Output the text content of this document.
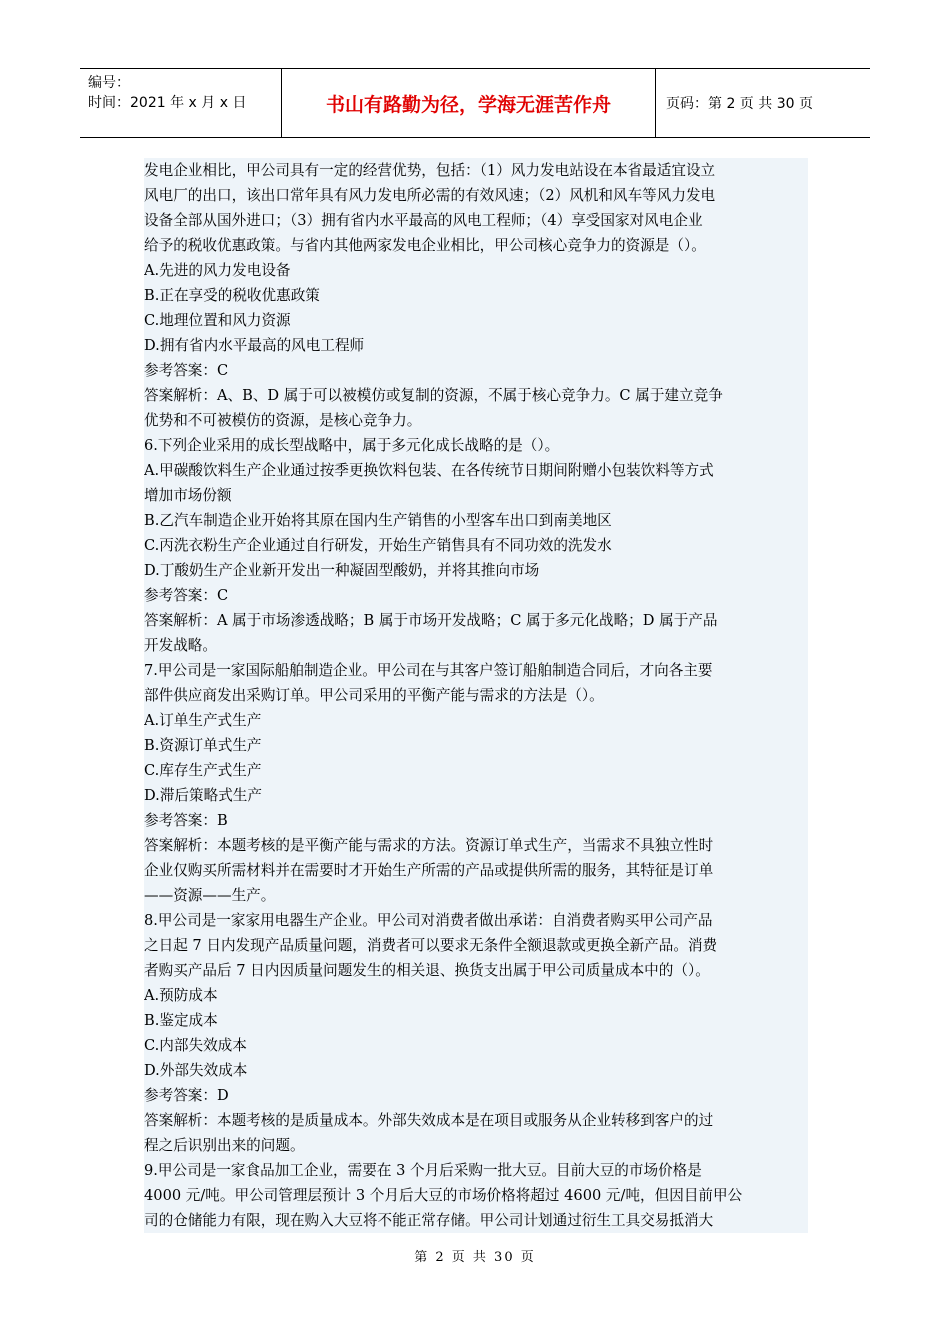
编号：
时间：2021 年 x 月 x 日	书山有路勤为径，学海无涯苦作舟	页码：第 2 页 共 30 页
发电企业相比，甲公司具有一定的经营优势，包括：（1）风力发电站设在本省最适宜设立
风电厂的出口，该出口常年具有风力发电所必需的有效风速；（2）风机和风车等风力发电
设备全部从国外进口；（3）拥有省内水平最高的风电工程师；（4）享受国家对风电企业
给予的税收优惠政策。与省内其他两家发电企业相比，甲公司核心竞争力的资源是（）。
A.先进的风力发电设备
B.正在享受的税收优惠政策
C.地理位置和风力资源
D.拥有省内水平最高的风电工程师
参考答案：C
答案解析：A、B、D 属于可以被模仿或复制的资源，不属于核心竞争力。C 属于建立竞争
优势和不可被模仿的资源，是核心竞争力。
6.下列企业采用的成长型战略中，属于多元化成长战略的是（）。
A.甲碳酸饮料生产企业通过按季更换饮料包装、在各传统节日期间附赠小包装饮料等方式
增加市场份额
B.乙汽车制造企业开始将其原在国内生产销售的小型客车出口到南美地区
C.丙洗衣粉生产企业通过自行研发，开始生产销售具有不同功效的洗发水
D.丁酸奶生产企业新开发出一种凝固型酸奶，并将其推向市场
参考答案：C
答案解析：A 属于市场渗透战略；B 属于市场开发战略；C 属于多元化战略；D 属于产品
开发战略。
7.甲公司是一家国际船舶制造企业。甲公司在与其客户签订船舶制造合同后，才向各主要
部件供应商发出采购订单。甲公司采用的平衡产能与需求的方法是（）。
A.订单生产式生产
B.资源订单式生产
C.库存生产式生产
D.滞后策略式生产
参考答案：B
答案解析：本题考核的是平衡产能与需求的方法。资源订单式生产，当需求不具独立性时
企业仅购买所需材料并在需要时才开始生产所需的产品或提供所需的服务，其特征是订单
——资源——生产。
8.甲公司是一家家用电器生产企业。甲公司对消费者做出承诺：自消费者购买甲公司产品
之日起 7 日内发现产品质量问题，消费者可以要求无条件全额退款或更换全新产品。消费
者购买产品后 7 日内因质量问题发生的相关退、换货支出属于甲公司质量成本中的（）。
A.预防成本
B.鉴定成本
C.内部失效成本
D.外部失效成本
参考答案：D
答案解析：本题考核的是质量成本。外部失效成本是在项目或服务从企业转移到客户的过
程之后识别出来的问题。
9.甲公司是一家食品加工企业，需要在 3 个月后采购一批大豆。目前大豆的市场价格是
4000 元/吨。甲公司管理层预计 3 个月后大豆的市场价格将超过 4600 元/吨，但因目前甲公
司的仓储能力有限，现在购入大豆将不能正常存储。甲公司计划通过衍生工具交易抵消大
第 2 页 共 30 页
